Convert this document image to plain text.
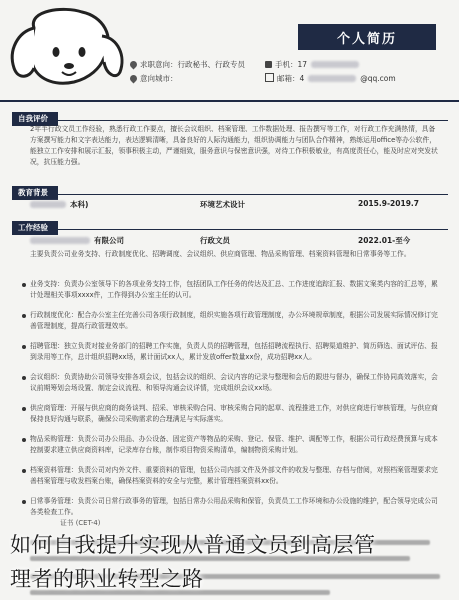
个人简历
求职意向：行政秘书、行政专员
意向城市：
手机：17
邮箱：4	@qq.com
自我评价
2年半行政文员工作经验，熟悉行政工作要点，擅长会议组织、档案管理、工作数据处理、报告撰写等工作，对行政工作充满热情，具备方案撰写能力和文字表达能力，表达逻辑清晰，具备良好的人际沟通能力，组织协调能力与团队合作精神，熟练运用office等办公软件，能独立工作安排和展示汇报，领事积极主动，严谨细致，服务意识与保密意识强，对待工作积极敏业，有高度责任心，能及时应对突发状况，抗压能力强。
教育背景
本科)	环境艺术设计	2015.9-2019.7
工作经验
有限公司	行政文员	2022.01-至今
主要负责公司业务支持、行政制度优化、招聘调度、会议组织、供应商管理、物品采购管理、档案资料管理和日常事务等工作。
业务支持：负责办公室领导下的各项业务支持工作，包括团队工作任务的传达及汇总、工作进度追踪汇报、数据文案类内容的汇总等，累计处理相关事项xxxx件，工作得到办公室主任的认可。
行政制度优化：配合办公室主任完善公司各项行政制度，组织实施各项行政管理制度，办公环境规章制度，根据公司发展实际情况修订完善管理制度，提高行政管理效率。
招聘管理：独立负责对接业务部门的招聘工作实施，负责人员的招聘管理，包括招聘流程执行、招聘渠道维护、简历筛选、面试评估、报到录用等工作，总计组织招聘xx场，累计面试xx人，累计发放offer数量xx份，成功招聘xx人。
会议组织：负责协助公司领导安排各项会议，包括会议的组织、会议内容的记录与整理和会后的跟进与督办，确保工作协同高效落实，会议前期筹划会场设置、制定会议流程、和领导沟通会议详情，完成组织会议xx场。
供应商管理：开展与供应商的商务谈判、招采、审核采购合同、审核采购合同的起草、流程推进工作，对供应商进行审核管理，与供应商保持良好沟通与联系，确保公司采购需求的合理满足与实际落实。
物品采购管理：负责公司办公用品、办公设备、固定资产等物品的采购、登记、保管、维护、调配等工作，根据公司行政经费预算与成本控制要求建立供应商资料库，记录库存台账，制作项目物资采购清单，编制物资采购计划。
档案资料管理：负责公司对内外文件、重要资料的管理，包括公司内部文件及外部文件的收发与整理、存档与借阅，对照档案管理要求完善档案管理与收发档案台账，确保档案资料的安全与完整，累计管理档案资料xx份。
日常事务管理：负责公司日常行政事务的管理，包括日常办公用品采购和保管，负责员工工作环境和办公设施的维护，配合领导完成公司各类检查工作。
证书 (CET-4)
如何自我提升实现从普通文员到高层管
理者的职业转型之路
